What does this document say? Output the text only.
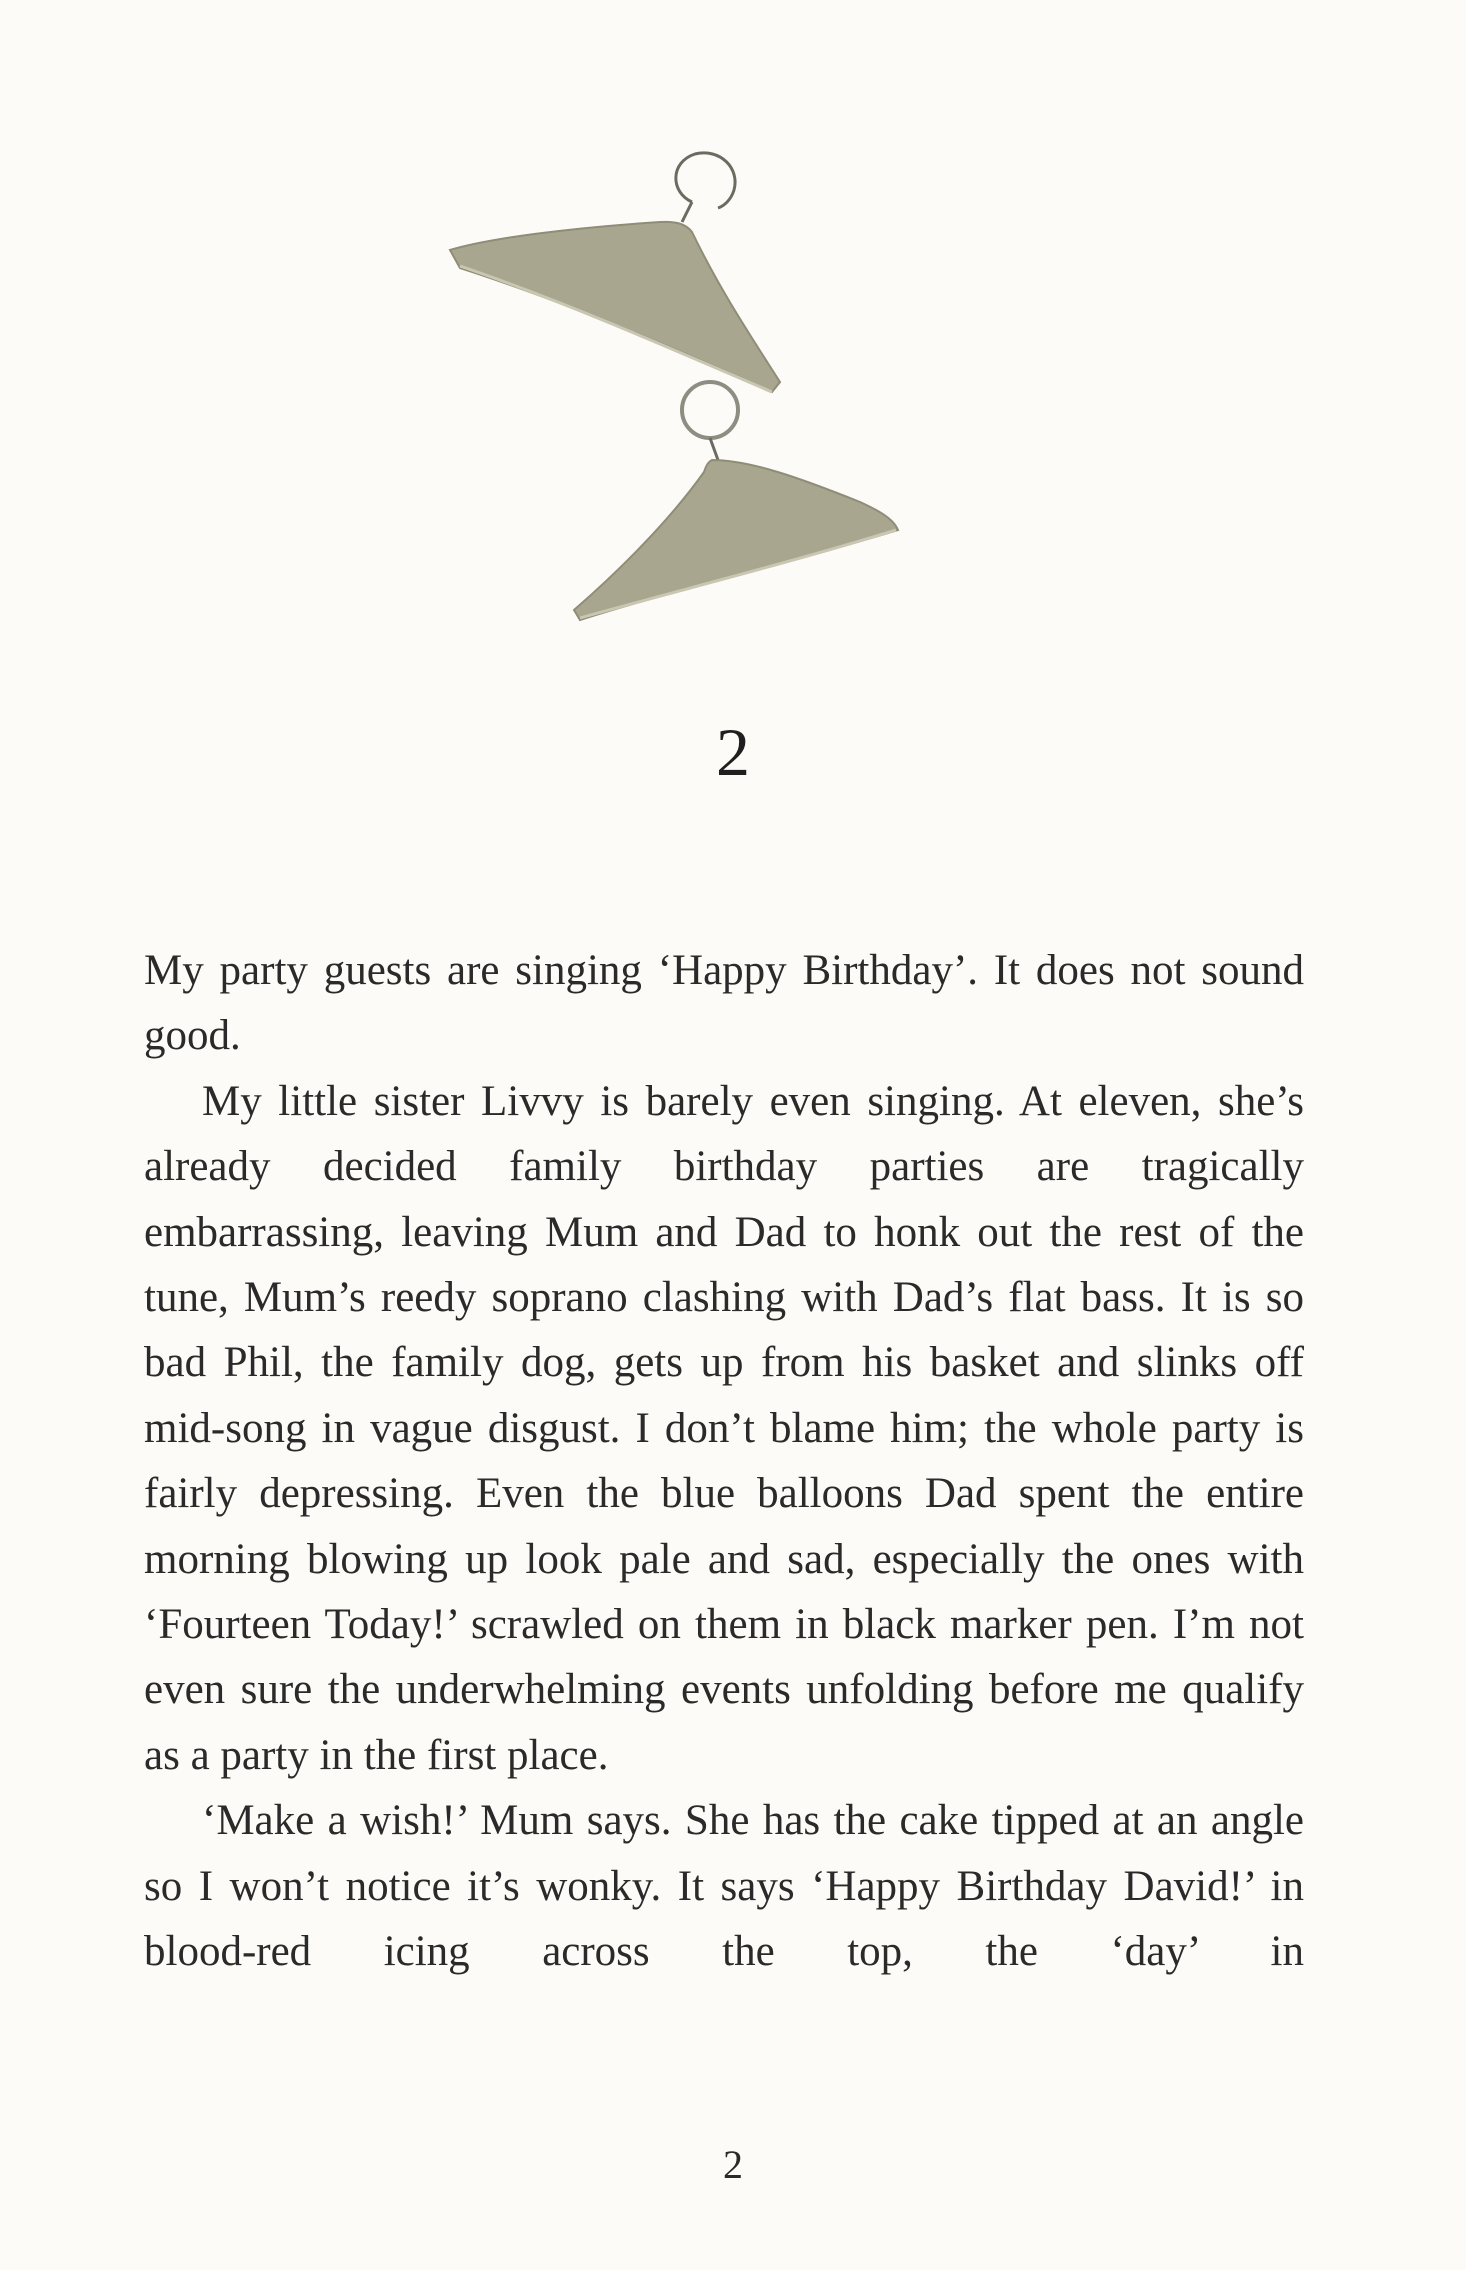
2

My party guests are singing ‘Happy Birthday’. It does not sound good.

My little sister Livvy is barely even singing. At eleven, she’s already decided family birthday parties are tragically embarrassing, leaving Mum and Dad to honk out the rest of the tune, Mum’s reedy soprano clashing with Dad’s flat bass. It is so bad Phil, the family dog, gets up from his basket and slinks off mid-song in vague disgust. I don’t blame him; the whole party is fairly depressing. Even the blue balloons Dad spent the entire morning blowing up look pale and sad, especially the ones with ‘Fourteen Today!’ scrawled on them in black marker pen. I’m not even sure the underwhelming events unfolding before me qualify as a party in the first place.

‘Make a wish!’ Mum says. She has the cake tipped at an angle so I won’t notice it’s wonky. It says ‘Happy Birthday David!’ in blood-red icing across the top, the ‘day’ in

2
